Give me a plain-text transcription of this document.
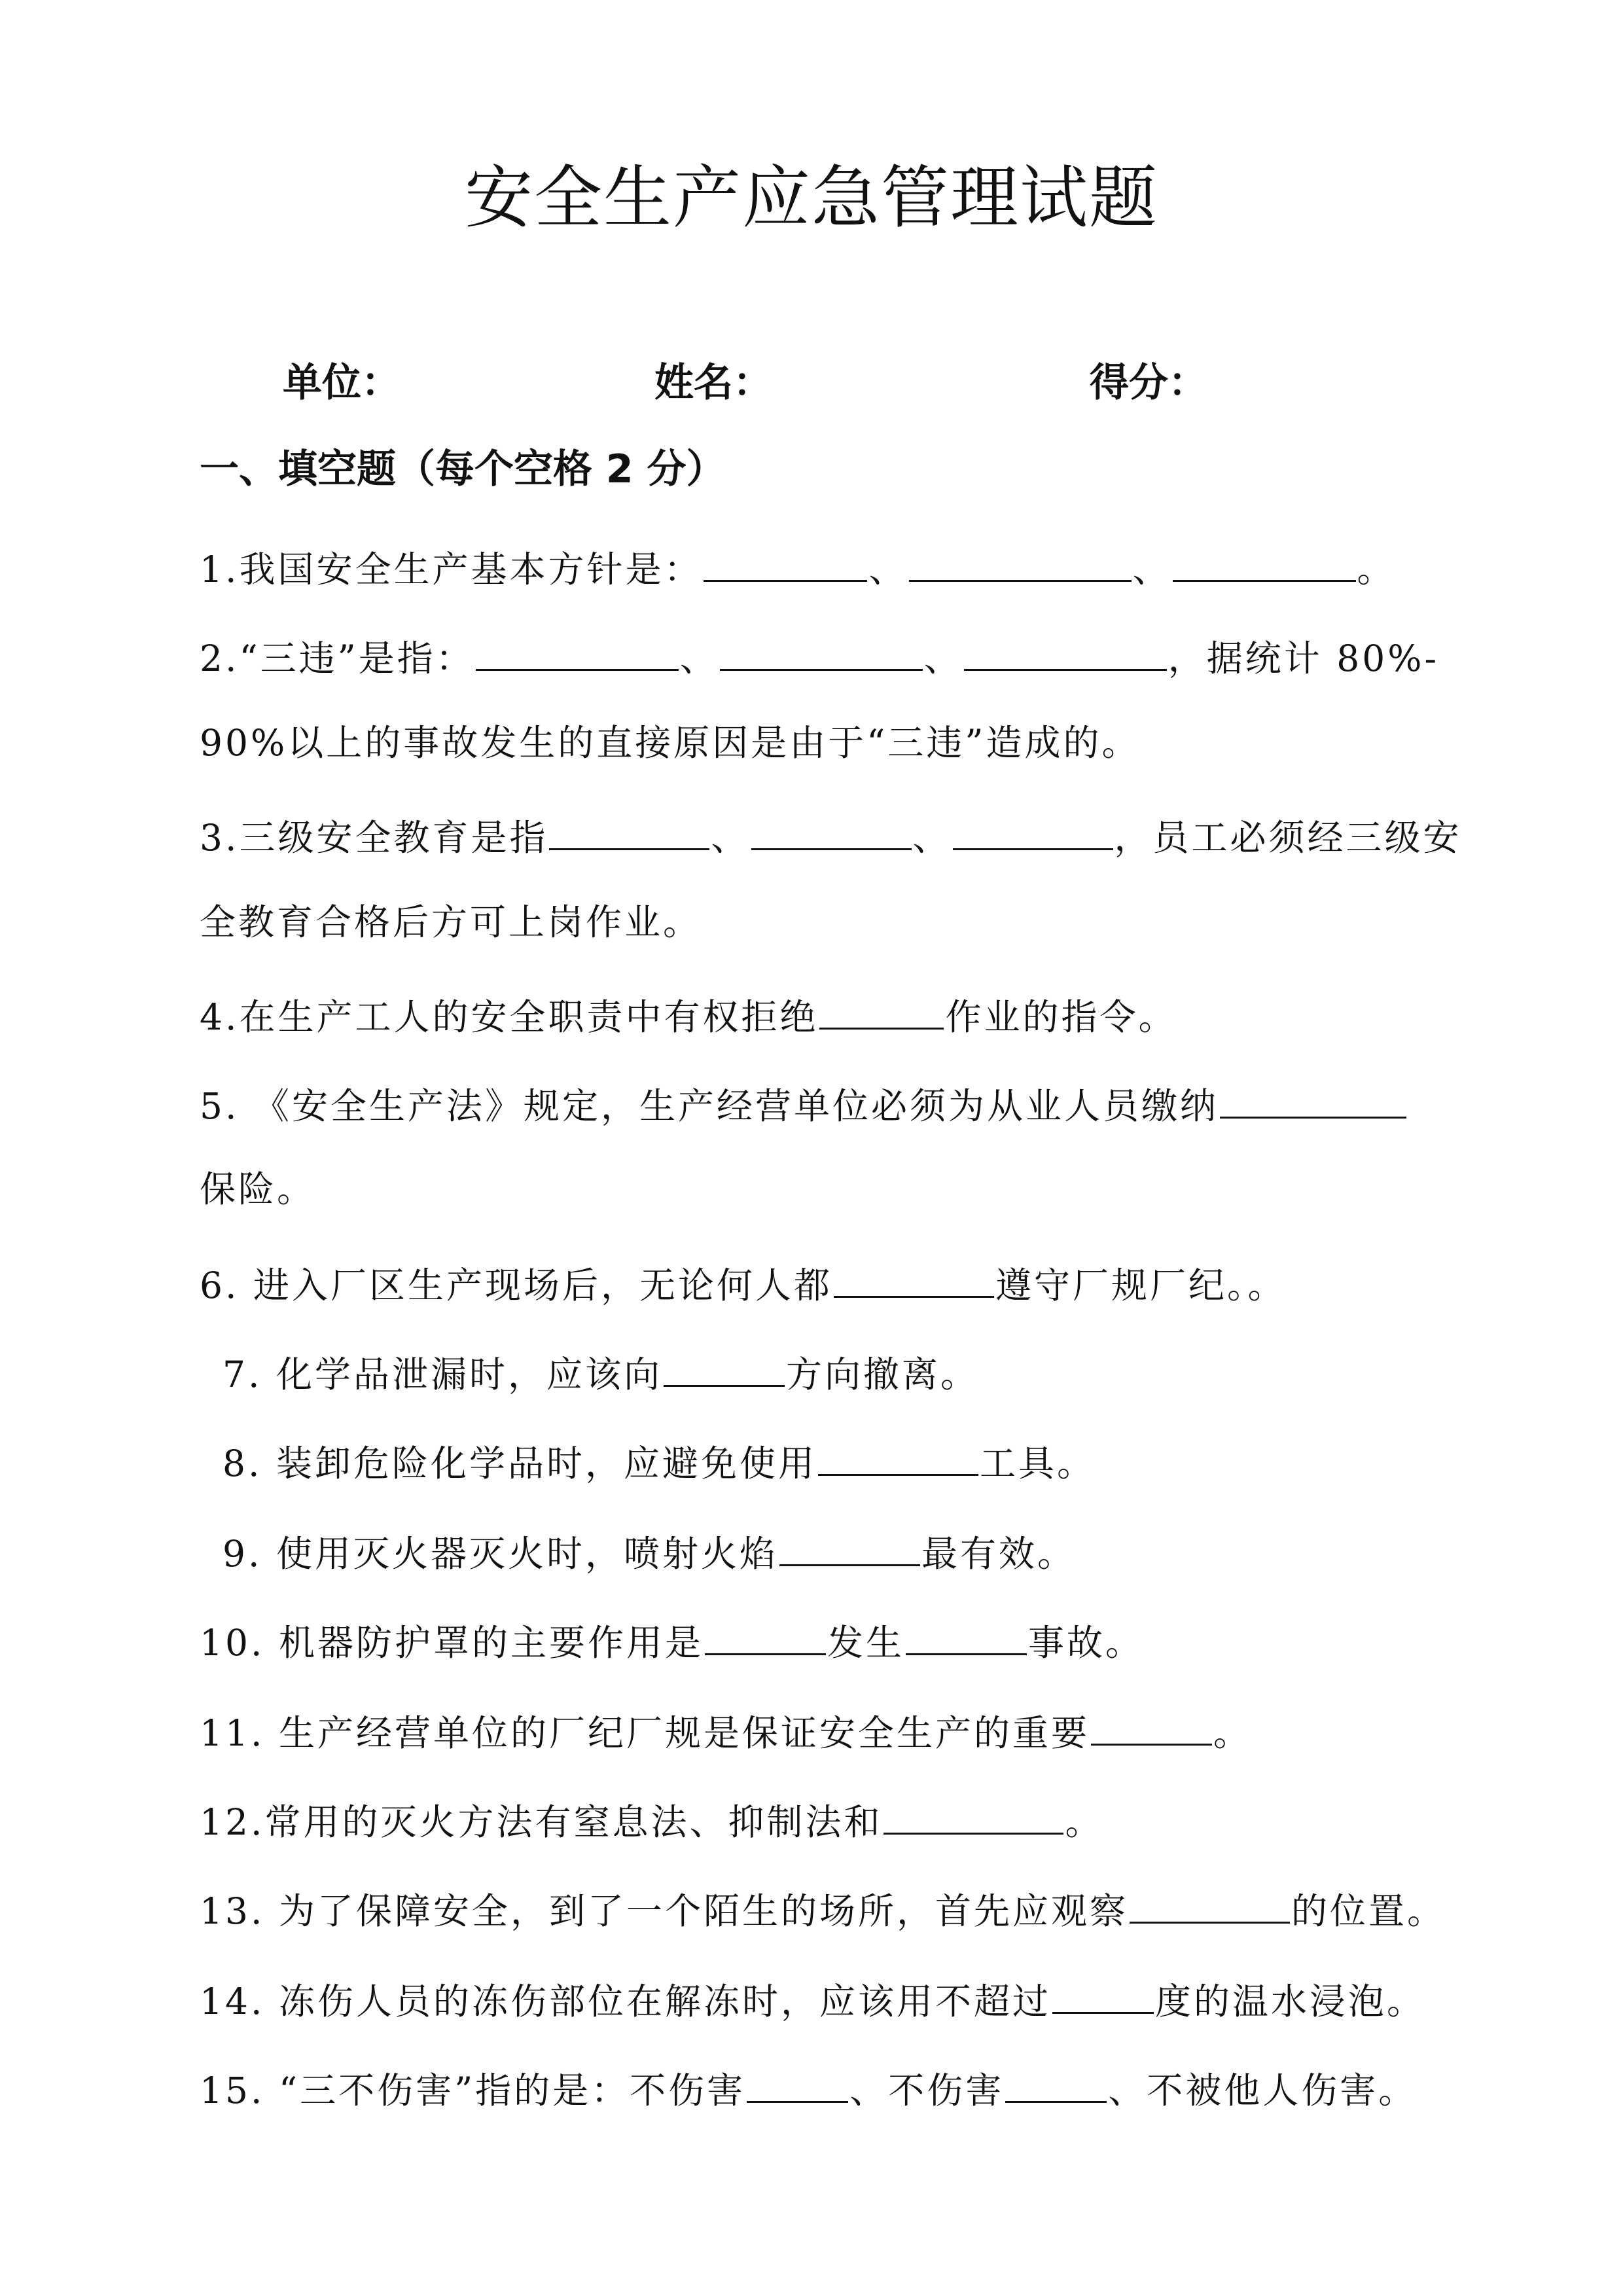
安全生产应急管理试题
单位：	姓名：	得分：
一、填空题（每个空格 2 分）
1.我国安全生产基本方针是：	、	、	。
2.“三违”是指：	、	、	，据统计 80%-
90%以上的事故发生的直接原因是由于“三违”造成的。
3.三级安全教育是指	、	、	，员工必须经三级安
全教育合格后方可上岗作业。
4.在生产工人的安全职责中有权拒绝	作业的指令。
5. 《安全生产法》规定，生产经营单位必须为从业人员缴纳
保险。
6. 进入厂区生产现场后，无论何人都	遵守厂规厂纪。。
7. 化学品泄漏时，应该向	方向撤离。
8. 装卸危险化学品时，应避免使用	工具。
9. 使用灭火器灭火时，喷射火焰	最有效。
10. 机器防护罩的主要作用是	发生	事故。
11. 生产经营单位的厂纪厂规是保证安全生产的重要	。
12.常用的灭火方法有窒息法、抑制法和	。
13. 为了保障安全，到了一个陌生的场所，首先应观察	的位置。
14. 冻伤人员的冻伤部位在解冻时，应该用不超过	度的温水浸泡。
15. “三不伤害”指的是：不伤害	、不伤害	、不被他人伤害。
